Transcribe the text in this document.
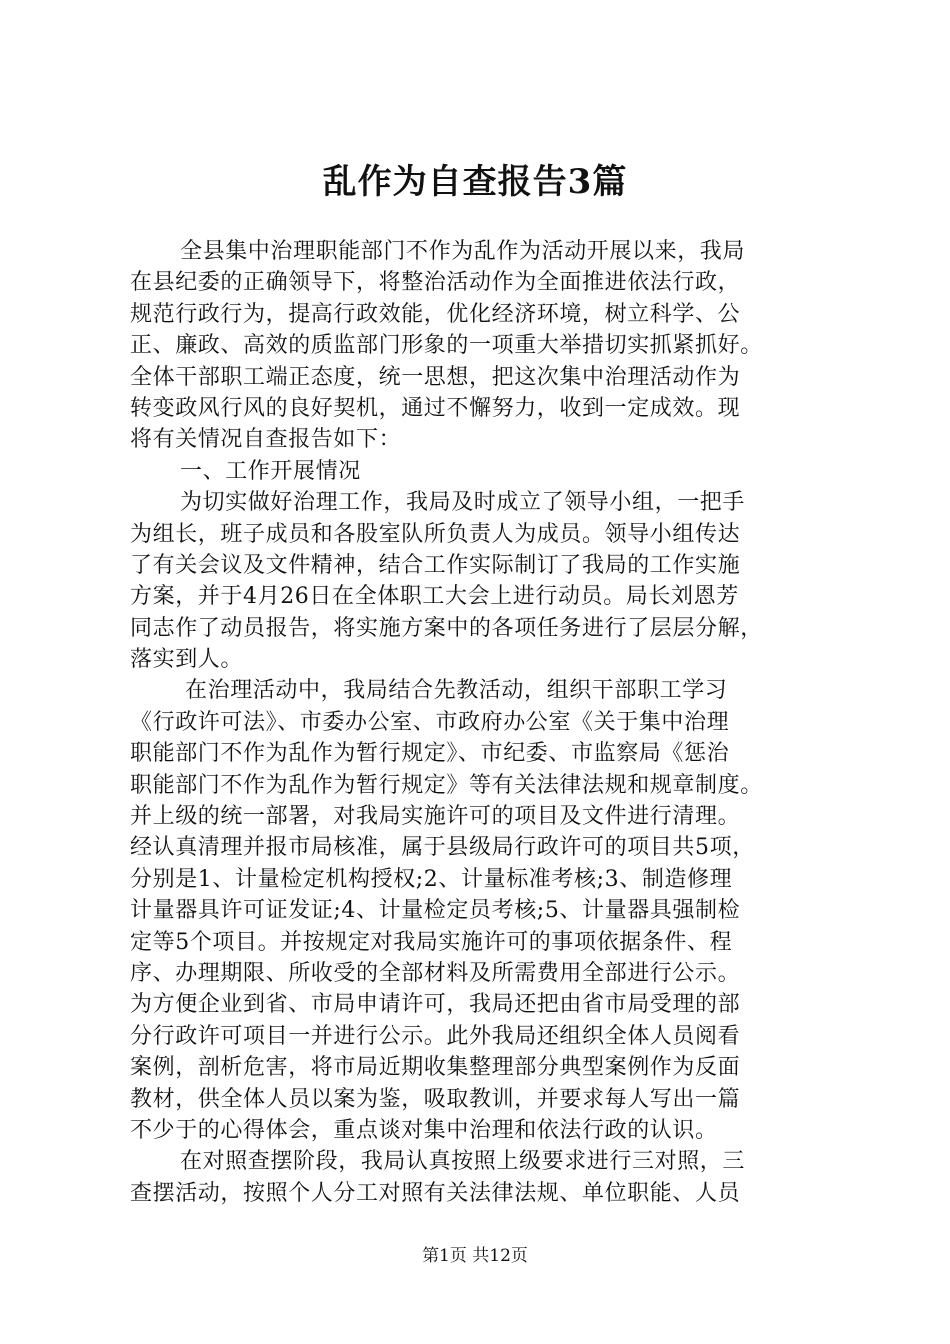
乱作为自查报告3篇
全县集中治理职能部门不作为乱作为活动开展以来，我局
在县纪委的正确领导下，将整治活动作为全面推进依法行政，
规范行政行为，提高行政效能，优化经济环境，树立科学、公
正、廉政、高效的质监部门形象的一项重大举措切实抓紧抓好。
全体干部职工端正态度，统一思想，把这次集中治理活动作为
转变政风行风的良好契机，通过不懈努力，收到一定成效。现
将有关情况自查报告如下：
一、工作开展情况
为切实做好治理工作，我局及时成立了领导小组，一把手
为组长，班子成员和各股室队所负责人为成员。领导小组传达
了有关会议及文件精神，结合工作实际制订了我局的工作实施
方案，并于4月26日在全体职工大会上进行动员。局长刘恩芳
同志作了动员报告，将实施方案中的各项任务进行了层层分解，
落实到人。
在治理活动中，我局结合先教活动，组织干部职工学习
《行政许可法》、市委办公室、市政府办公室《关于集中治理
职能部门不作为乱作为暂行规定》、市纪委、市监察局《惩治
职能部门不作为乱作为暂行规定》等有关法律法规和规章制度。
并上级的统一部署，对我局实施许可的项目及文件进行清理。
经认真清理并报市局核准，属于县级局行政许可的项目共5项，
分别是1、计量检定机构授权;2、计量标准考核;3、制造修理
计量器具许可证发证;4、计量检定员考核;5、计量器具强制检
定等5个项目。并按规定对我局实施许可的事项依据条件、程
序、办理期限、所收受的全部材料及所需费用全部进行公示。
为方便企业到省、市局申请许可，我局还把由省市局受理的部
分行政许可项目一并进行公示。此外我局还组织全体人员阅看
案例，剖析危害，将市局近期收集整理部分典型案例作为反面
教材，供全体人员以案为鉴，吸取教训，并要求每人写出一篇
不少于的心得体会，重点谈对集中治理和依法行政的认识。
在对照查摆阶段，我局认真按照上级要求进行三对照，三
查摆活动，按照个人分工对照有关法律法规、单位职能、人员
第1页 共12页
